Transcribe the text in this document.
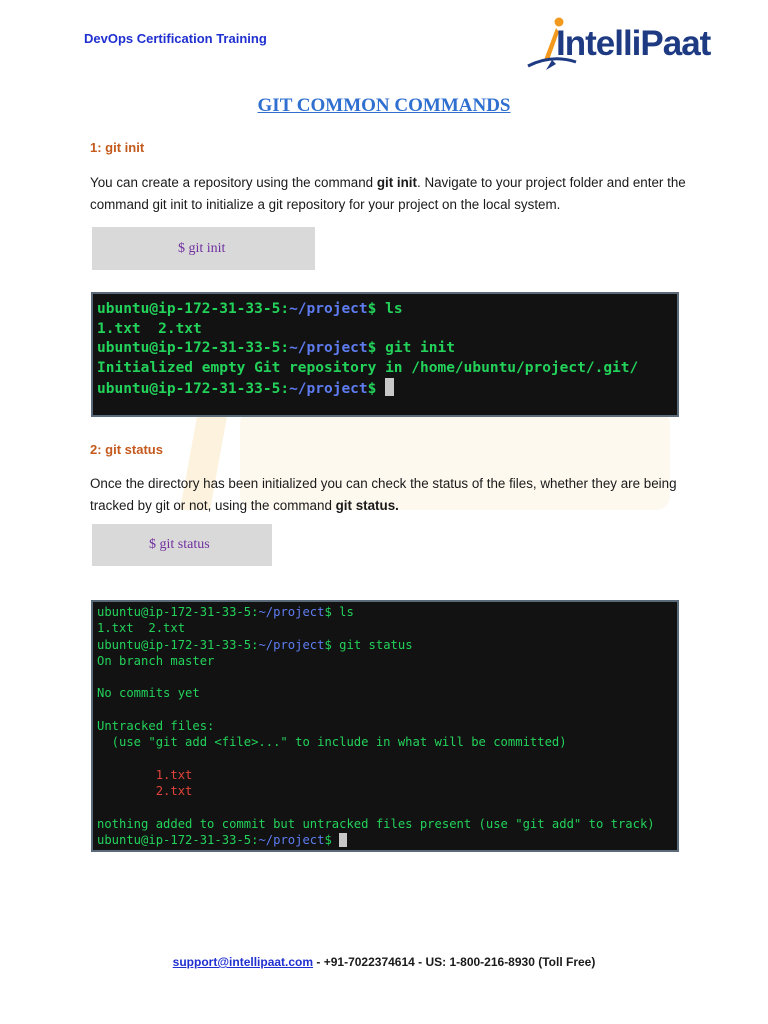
DevOps Certification Training	IntelliPaat
GIT COMMON COMMANDS
1: git init
You can create a repository using the command git init. Navigate to your project folder and enter the command git init to initialize a git repository for your project on the local system.
$ git init
ubuntu@ip-172-31-33-5:~/project$ ls
1.txt  2.txt
ubuntu@ip-172-31-33-5:~/project$ git init
Initialized empty Git repository in /home/ubuntu/project/.git/
ubuntu@ip-172-31-33-5:~/project$
2: git status
Once the directory has been initialized you can check the status of the files, whether they are being tracked by git or not, using the command git status.
$ git status
ubuntu@ip-172-31-33-5:~/project$ ls
1.txt  2.txt
ubuntu@ip-172-31-33-5:~/project$ git status
On branch master

No commits yet

Untracked files:
(use "git add <file>..." to include in what will be committed)

1.txt
2.txt

nothing added to commit but untracked files present (use "git add" to track)
ubuntu@ip-172-31-33-5:~/project$
support@intellipaat.com - +91-7022374614 - US: 1-800-216-8930 (Toll Free)
